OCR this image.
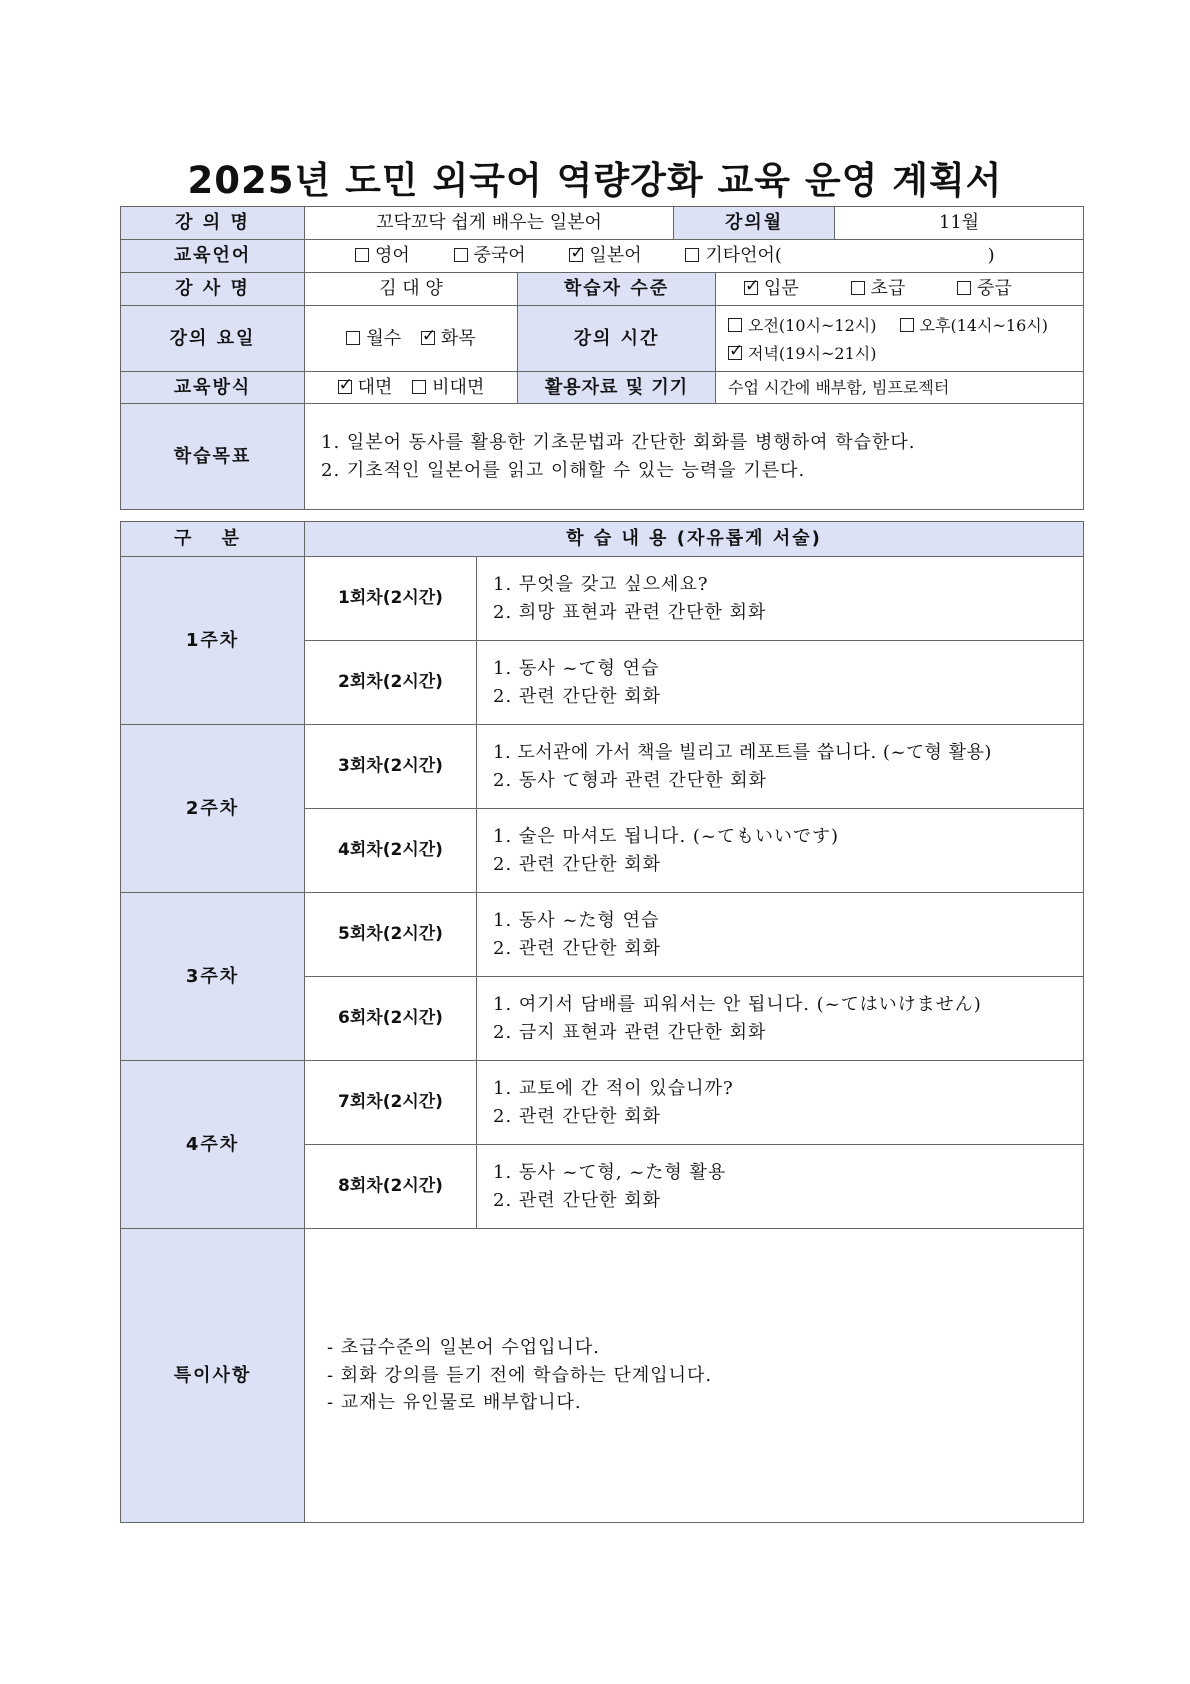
2025년 도민 외국어 역량강화 교육 운영 계획서
강 의 명	꼬닥꼬닥 쉽게 배우는 일본어		강의월		11월
교육언어	영어 중국어 ✓ 일본어 기타언어( )
강 사 명	김 대 양	학습자 수준	✓입문 초급 중급
강의 요일	월수 ✓ 화목	강의 시간		오전(10시~12시) 오후(14시~16시)
✓저녁(19시~21시)

교육방식	✓대면 비대면	활용자료 및 기기		수업 시간에 배부함, 빔프로젝터	
학습목표	1. 일본어 동사를 활용한 기초문법과 간단한 회화를 병행하여 학습한다.
2. 기초적인 일본어를 읽고 이해할 수 있는 능력을 기른다.				
구 분	학 습 내 용 (자유롭게 서술)	
1주차	1회차(2시간)	1. 무엇을 갖고 싶으세요?
2. 희망 표현과 관련 간단한 회화

	2회차(2시간)	1. 동사 ~て형 연습
2. 관련 간단한 회화

2주차	3회차(2시간)	1. 도서관에 가서 책을 빌리고 레포트를 씁니다. (~て형 활용)
2. 동사 て형과 관련 간단한 회화

	4회차(2시간)	1. 술은 마셔도 됩니다. (~てもいいです)
2. 관련 간단한 회화

3주차	5회차(2시간)	1. 동사 ~た형 연습
2. 관련 간단한 회화

	6회차(2시간)	1. 여기서 담배를 피워서는 안 됩니다. (~てはいけません)
2. 금지 표현과 관련 간단한 회화

4주차	7회차(2시간)	1. 교토에 간 적이 있습니까?
2. 관련 간단한 회화

	8회차(2시간)	1. 동사 ~て형, ~た형 활용
2. 관련 간단한 회화

특이사항	- 초급수준의 일본어 수업입니다.
- 회화 강의를 듣기 전에 학습하는 단계입니다.
- 교재는 유인물로 배부합니다.	
